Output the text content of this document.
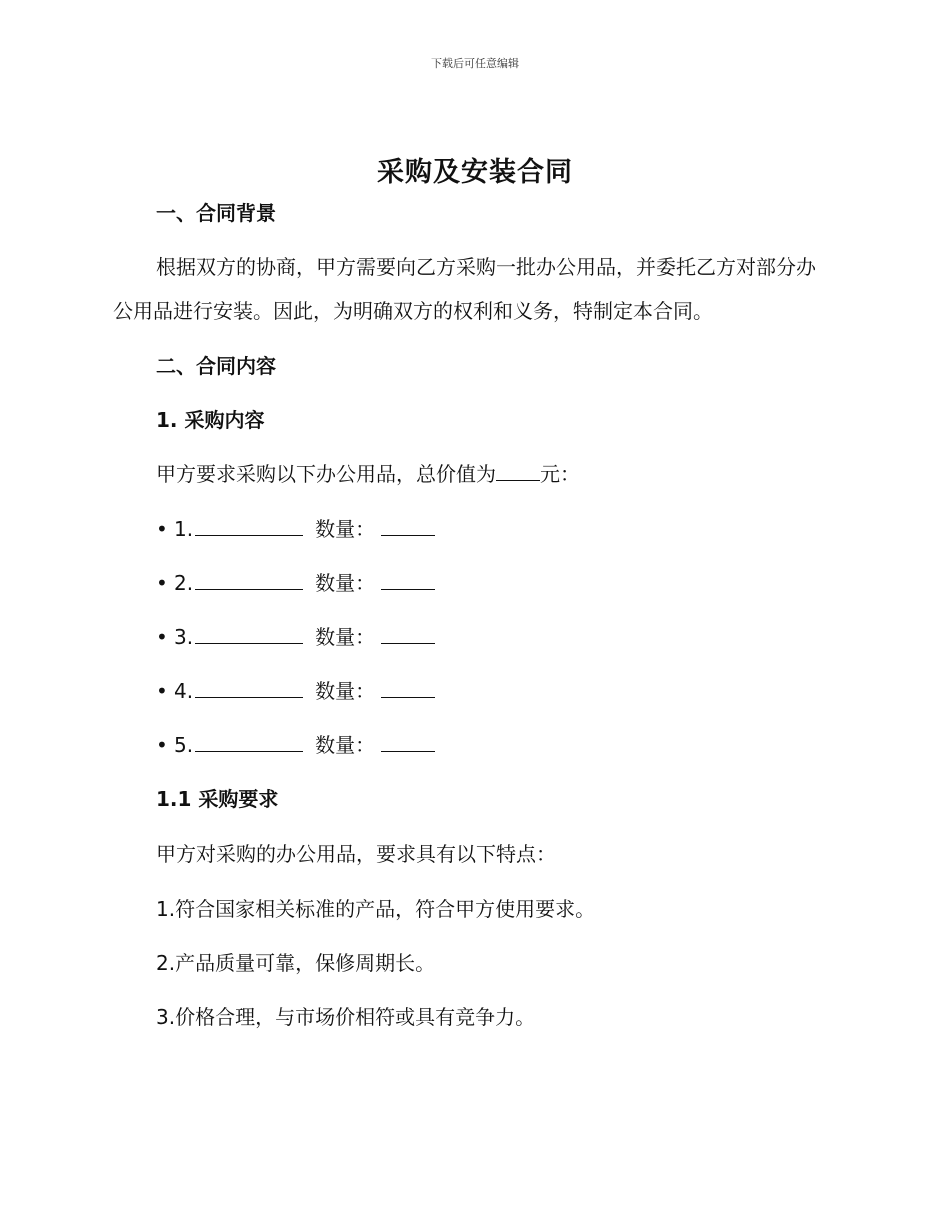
下载后可任意编辑
采购及安装合同
一、合同背景
根据双方的协商，甲方需要向乙方采购一批办公用品，并委托乙方对部分办公用品进行安装。因此，为明确双方的权利和义务，特制定本合同。
二、合同内容
1. 采购内容
甲方要求采购以下办公用品，总价值为 元：
• 1.	数量：
• 2.	数量：
• 3.	数量：
• 4.	数量：
• 5.	数量：
1.1 采购要求
甲方对采购的办公用品，要求具有以下特点：
1.符合国家相关标准的产品，符合甲方使用要求。
2.产品质量可靠，保修周期长。
3.价格合理，与市场价相符或具有竞争力。
